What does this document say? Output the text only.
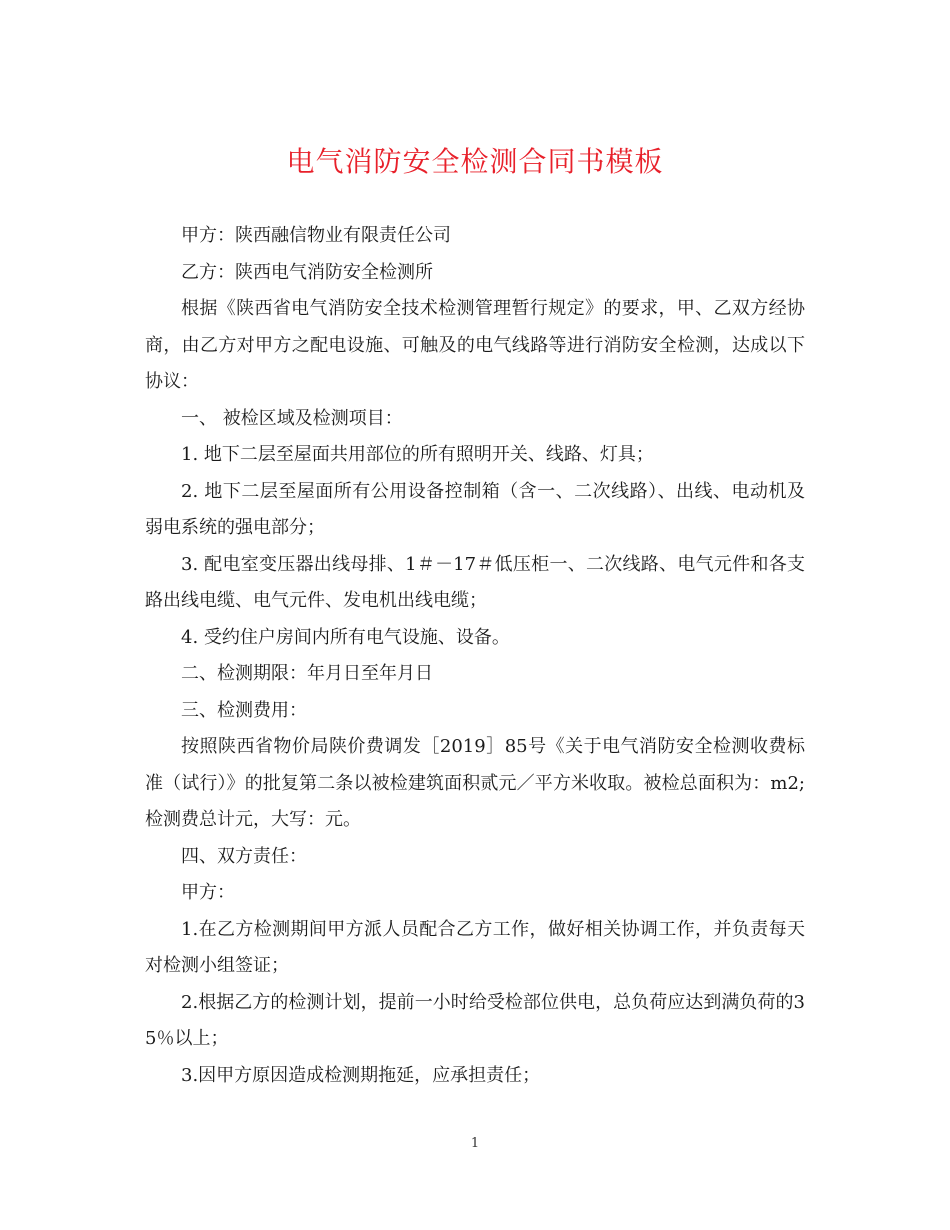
电气消防安全检测合同书模板

甲方：陕西融信物业有限责任公司

乙方：陕西电气消防安全检测所

根据《陕西省电气消防安全技术检测管理暂行规定》的要求，甲、乙双方经协商，由乙方对甲方之配电设施、可触及的电气线路等进行消防安全检测，达成以下协议：

一、 被检区域及检测项目：

1. 地下二层至屋面共用部位的所有照明开关、线路、灯具；

2. 地下二层至屋面所有公用设备控制箱（含一、二次线路）、出线、电动机及弱电系统的强电部分；

3. 配电室变压器出线母排、1＃－17＃低压柜一、二次线路、电气元件和各支路出线电缆、电气元件、发电机出线电缆；

4. 受约住户房间内所有电气设施、设备。

二、检测期限：年月日至年月日

三、检测费用：

按照陕西省物价局陕价费调发［2019］85号《关于电气消防安全检测收费标准（试行）》的批复第二条以被检建筑面积贰元／平方米收取。被检总面积为：m2;检测费总计元，大写：元。

四、双方责任：

甲方：

1.在乙方检测期间甲方派人员配合乙方工作，做好相关协调工作，并负责每天对检测小组签证；

2.根据乙方的检测计划，提前一小时给受检部位供电，总负荷应达到满负荷的35％以上；

3.因甲方原因造成检测期拖延，应承担责任；

1
